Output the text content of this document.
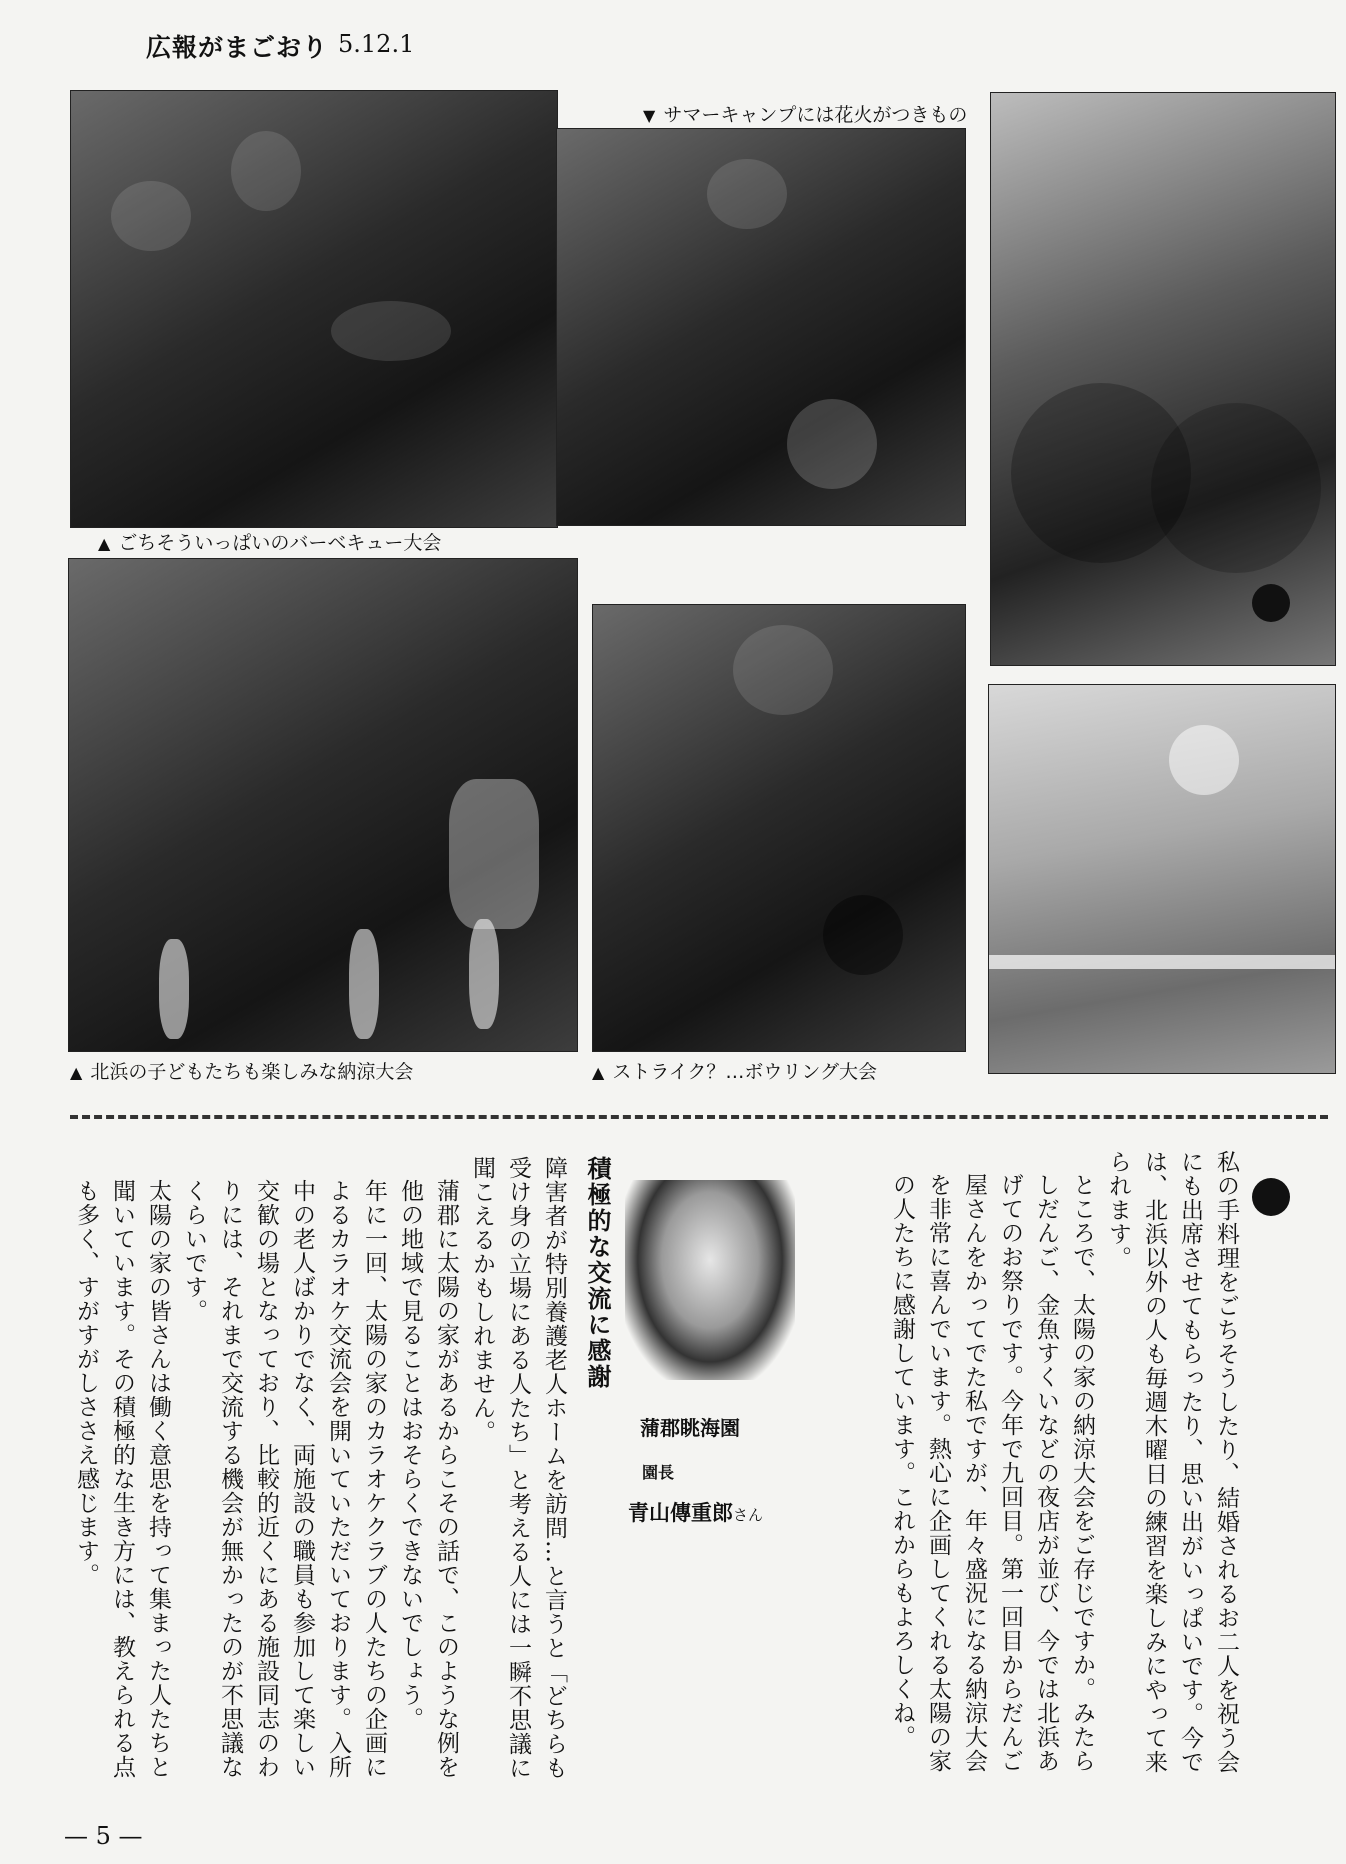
広報がまごおり 5.12.1
▼ サマーキャンプには花火がつきもの
▲ ごちそういっぱいのバーベキュー大会
▲ 北浜の子どもたちも楽しみな納涼大会	▲ ストライク？…ボウリング大会

私の手料理をごちそうしたり、結婚されるお二人を祝う会にも出席させてもらったり、思い出がいっぱいです。今では、北浜以外の人も毎週木曜日の練習を楽しみにやって来られます。

ところで、太陽の家の納涼大会をご存じですか。みたらしだんご、金魚すくいなどの夜店が並び、今では北浜あげてのお祭りです。今年で九回目。第一回目からだんご屋さんをかってでた私ですが、年々盛況になる納涼大会を非常に喜んでいます。熱心に企画してくれる太陽の家の人たちに感謝しています。これからもよろしくね。

積極的な交流に感謝
蒲郡眺海園
園長
青山傳重郎さん

障害者が特別養護老人ホームを訪問…と言うと「どちらも受け身の立場にある人たち」と考える人には一瞬不思議に聞こえるかもしれません。

蒲郡に太陽の家があるからこその話で、このような例を他の地域で見ることはおそらくできないでしょう。

年に一回、太陽の家のカラオケクラブの人たちの企画によるカラオケ交流会を開いていただいております。入所中の老人ばかりでなく、両施設の職員も参加して楽しい交歓の場となっており、比較的近くにある施設同志のわりには、それまで交流する機会が無かったのが不思議なくらいです。

太陽の家の皆さんは働く意思を持って集まった人たちと聞いています。その積極的な生き方には、教えられる点も多く、すがすがしささえ感じます。

— 5 —
